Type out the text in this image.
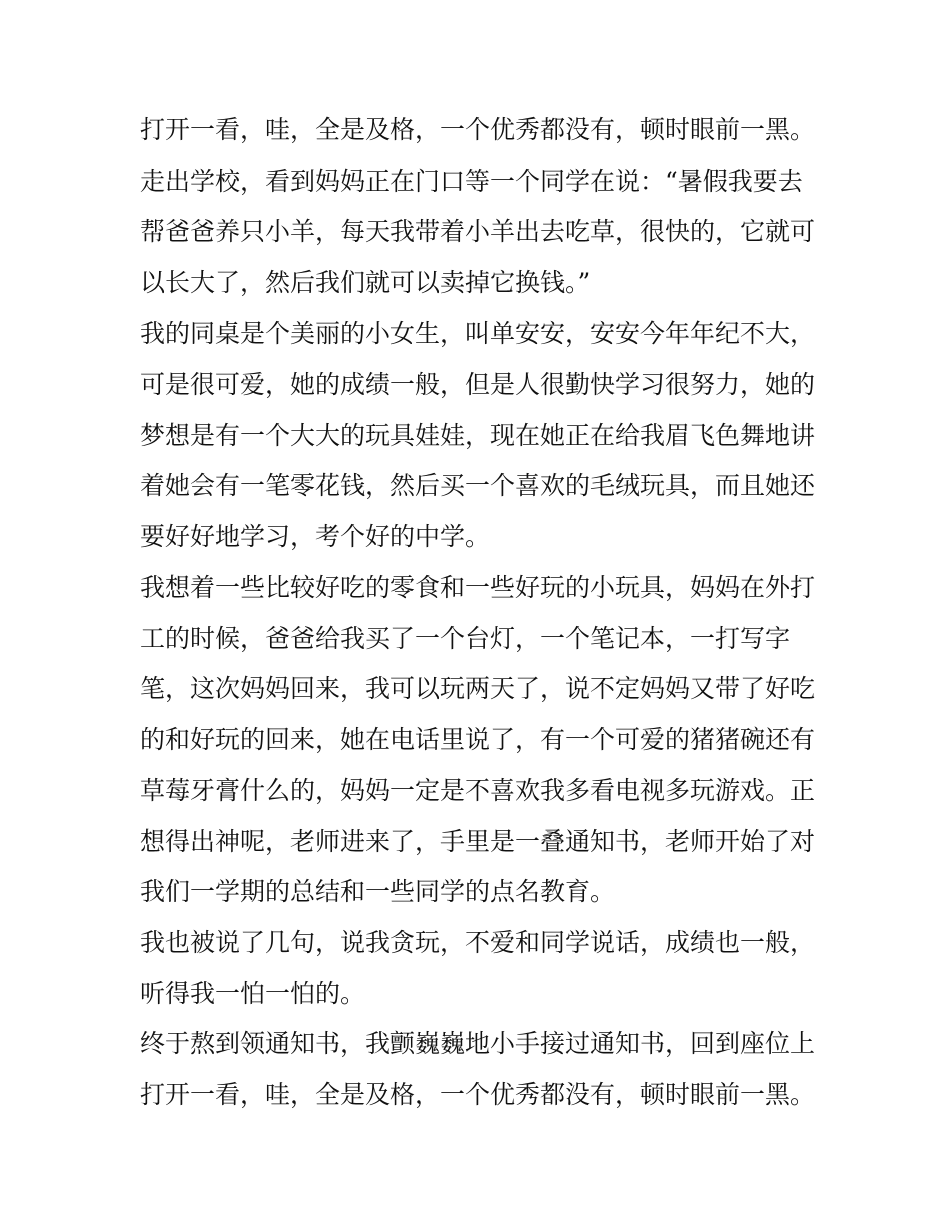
打开一看，哇，全是及格，一个优秀都没有，顿时眼前一黑。
走出学校，看到妈妈正在门口等一个同学在说：“暑假我要去
帮爸爸养只小羊，每天我带着小羊出去吃草，很快的，它就可
以长大了，然后我们就可以卖掉它换钱。”
我的同桌是个美丽的小女生，叫单安安，安安今年年纪不大，
可是很可爱，她的成绩一般，但是人很勤快学习很努力，她的
梦想是有一个大大的玩具娃娃，现在她正在给我眉飞色舞地讲
着她会有一笔零花钱，然后买一个喜欢的毛绒玩具，而且她还
要好好地学习，考个好的中学。
我想着一些比较好吃的零食和一些好玩的小玩具，妈妈在外打
工的时候，爸爸给我买了一个台灯，一个笔记本，一打写字
笔，这次妈妈回来，我可以玩两天了，说不定妈妈又带了好吃
的和好玩的回来，她在电话里说了，有一个可爱的猪猪碗还有
草莓牙膏什么的，妈妈一定是不喜欢我多看电视多玩游戏。正
想得出神呢，老师进来了，手里是一叠通知书，老师开始了对
我们一学期的总结和一些同学的点名教育。
我也被说了几句，说我贪玩，不爱和同学说话，成绩也一般，
听得我一怕一怕的。
终于熬到领通知书，我颤巍巍地小手接过通知书，回到座位上
打开一看，哇，全是及格，一个优秀都没有，顿时眼前一黑。
